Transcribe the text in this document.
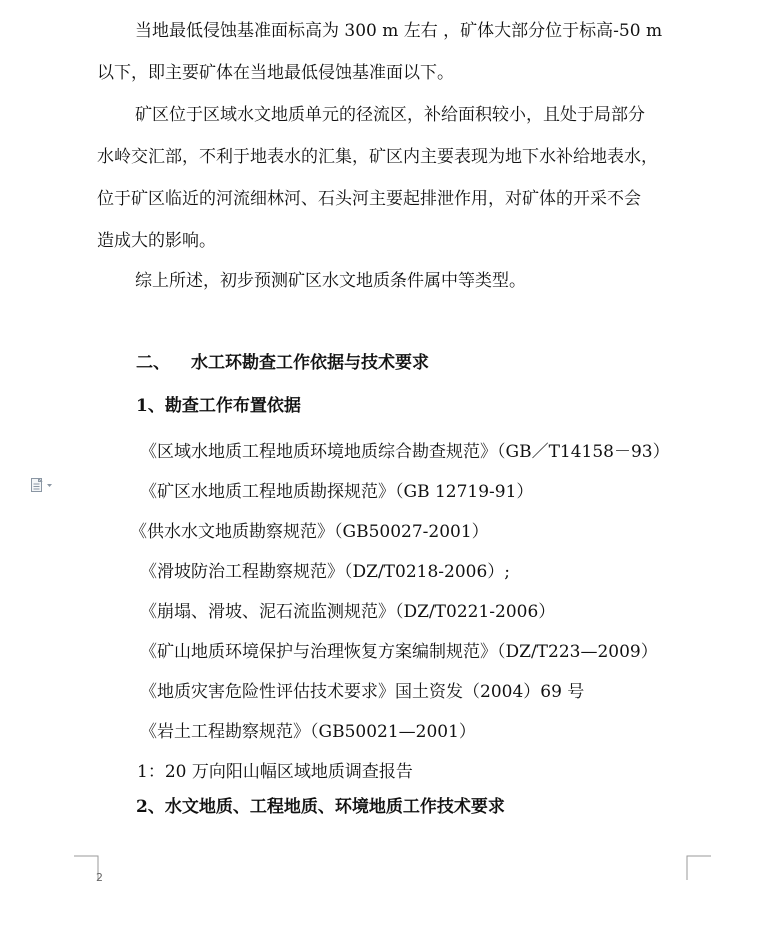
当地最低侵蚀基准面标高为 300 m 左右 ，矿体大部分位于标高-50 m
以下，即主要矿体在当地最低侵蚀基准面以下。
矿区位于区域水文地质单元的径流区，补给面积较小，且处于局部分
水岭交汇部，不利于地表水的汇集，矿区内主要表现为地下水补给地表水，
位于矿区临近的河流细林河、石头河主要起排泄作用，对矿体的开采不会
造成大的影响。
综上所述，初步预测矿区水文地质条件属中等类型。
二、 水工环勘查工作依据与技术要求
1、勘查工作布置依据
《区域水地质工程地质环境地质综合勘查规范》（GB／T14158－93）
《矿区水地质工程地质勘探规范》（GB 12719-91）
《供水水文地质勘察规范》（GB50027-2001）
《滑坡防治工程勘察规范》（DZ/T0218-2006）;
《崩塌、滑坡、泥石流监测规范》（DZ/T0221-2006）
《矿山地质环境保护与治理恢复方案编制规范》（DZ/T223—2009）
《地质灾害危险性评估技术要求》国土资发（2004）69 号
《岩土工程勘察规范》（GB50021—2001）
1：20 万向阳山幅区域地质调查报告
2、水文地质、工程地质、环境地质工作技术要求
2
